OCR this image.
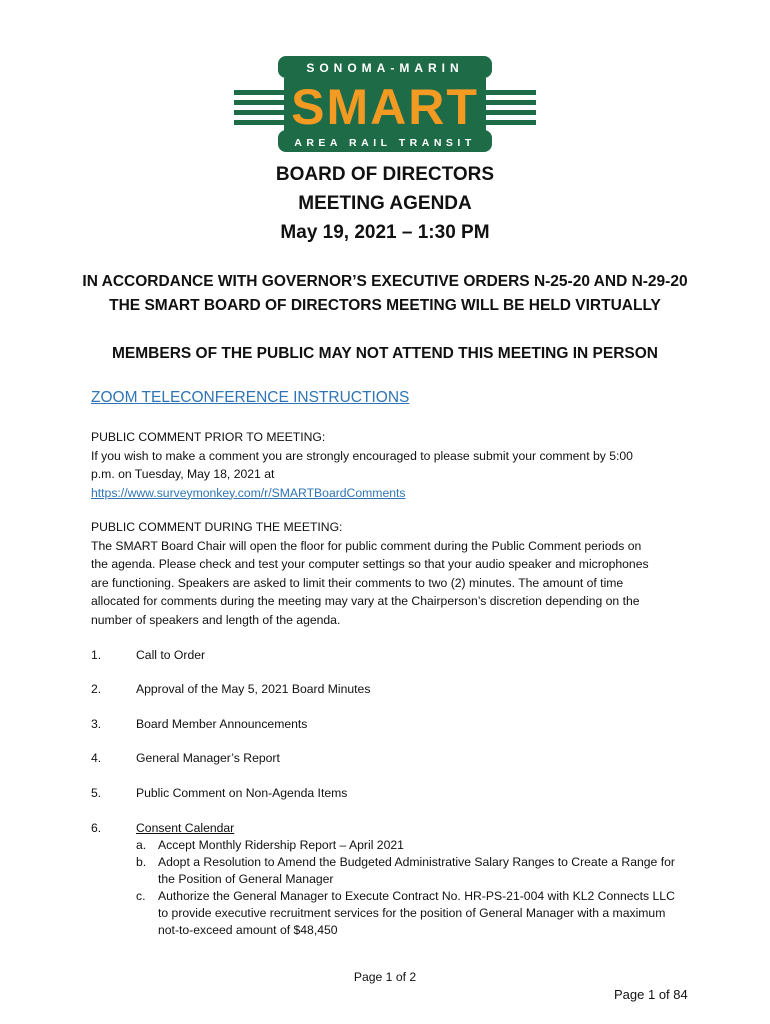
SONOMA-MARIN
SMART
AREA RAIL TRANSIT
BOARD OF DIRECTORS
MEETING AGENDA
May 19, 2021 – 1:30 PM
IN ACCORDANCE WITH GOVERNOR’S EXECUTIVE ORDERS N-25-20 AND N-29-20
THE SMART BOARD OF DIRECTORS MEETING WILL BE HELD VIRTUALLY
MEMBERS OF THE PUBLIC MAY NOT ATTEND THIS MEETING IN PERSON
ZOOM TELECONFERENCE INSTRUCTIONS
PUBLIC COMMENT PRIOR TO MEETING:
If you wish to make a comment you are strongly encouraged to please submit your comment by 5:00
p.m. on Tuesday, May 18, 2021 at
https://www.surveymonkey.com/r/SMARTBoardComments
PUBLIC COMMENT DURING THE MEETING:
The SMART Board Chair will open the floor for public comment during the Public Comment periods on
the agenda. Please check and test your computer settings so that your audio speaker and microphones
are functioning. Speakers are asked to limit their comments to two (2) minutes. The amount of time
allocated for comments during the meeting may vary at the Chairperson’s discretion depending on the
number of speakers and length of the agenda.
1.	Call to Order
2.	Approval of the May 5, 2021 Board Minutes
3.	Board Member Announcements
4.	General Manager’s Report
5.	Public Comment on Non-Agenda Items
6.	Consent Calendar
a. Accept Monthly Ridership Report – April 2021
b. Adopt a Resolution to Amend the Budgeted Administrative Salary Ranges to Create a Range for
the Position of General Manager
c. Authorize the General Manager to Execute Contract No. HR-PS-21-004 with KL2 Connects LLC
to provide executive recruitment services for the position of General Manager with a maximum
not-to-exceed amount of $48,450
Page 1 of 2
Page 1 of 84
